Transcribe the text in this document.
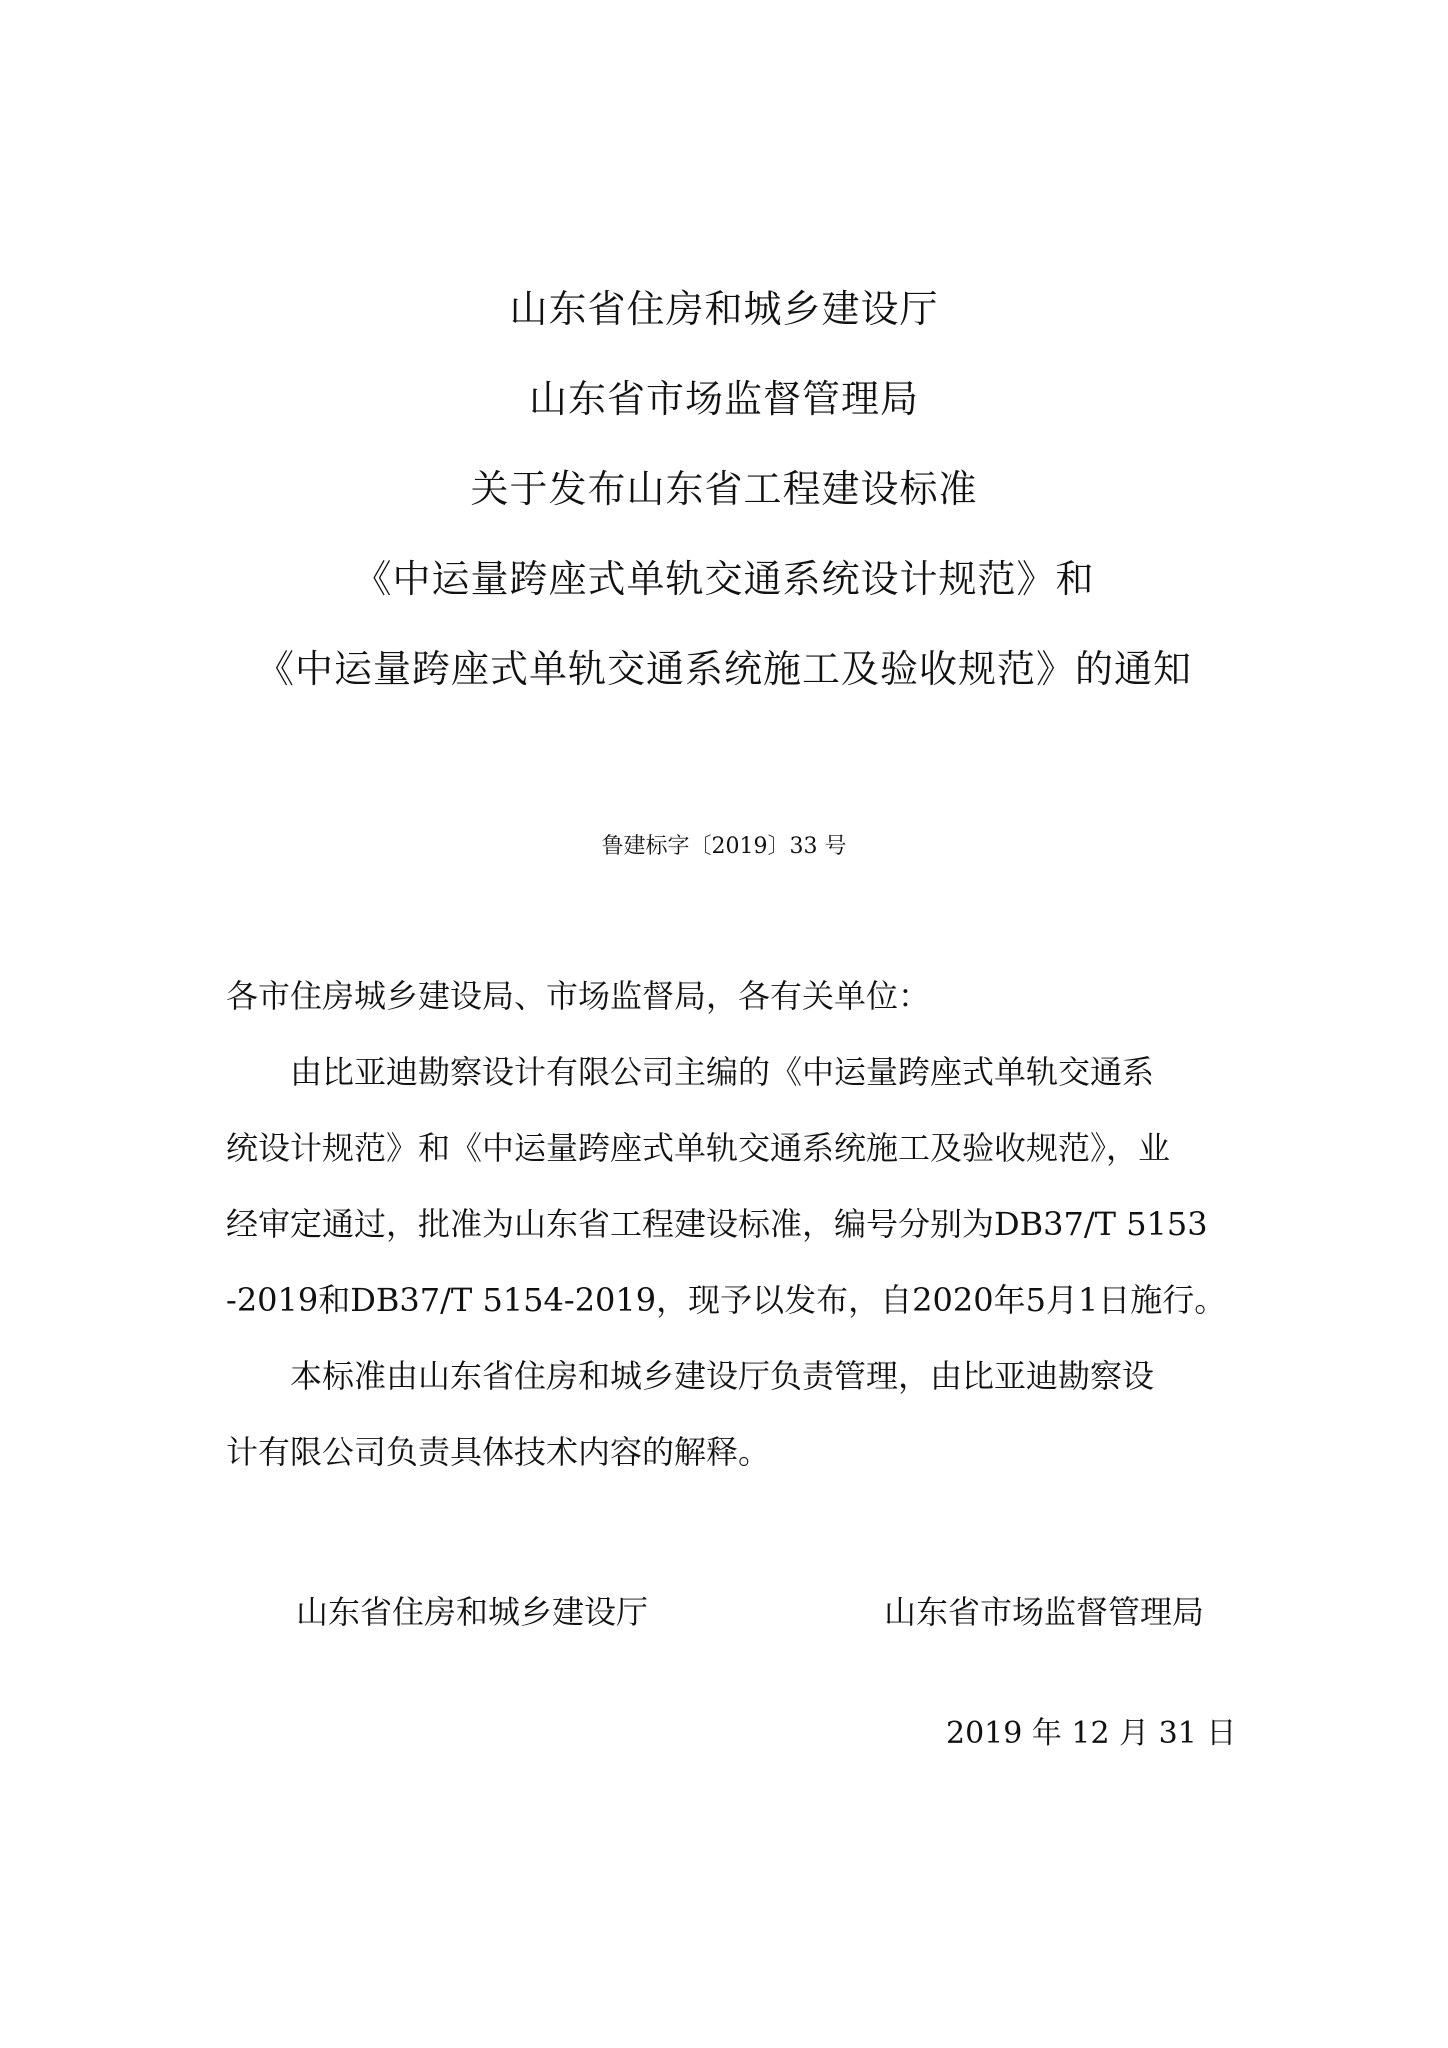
山东省住房和城乡建设厅
山东省市场监督管理局
关于发布山东省工程建设标准
《中运量跨座式单轨交通系统设计规范》和
《中运量跨座式单轨交通系统施工及验收规范》的通知
鲁建标字〔2019〕33 号
各市住房城乡建设局、市场监督局，各有关单位：
由比亚迪勘察设计有限公司主编的《中运量跨座式单轨交通系
统设计规范》和《中运量跨座式单轨交通系统施工及验收规范》，业
经审定通过，批准为山东省工程建设标准，编号分别为DB37/T 5153
-2019和DB37/T 5154-2019，现予以发布，自2020年5月1日施行。
本标准由山东省住房和城乡建设厅负责管理，由比亚迪勘察设
计有限公司负责具体技术内容的解释。
山东省住房和城乡建设厅	山东省市场监督管理局
2019 年 12 月 31 日
